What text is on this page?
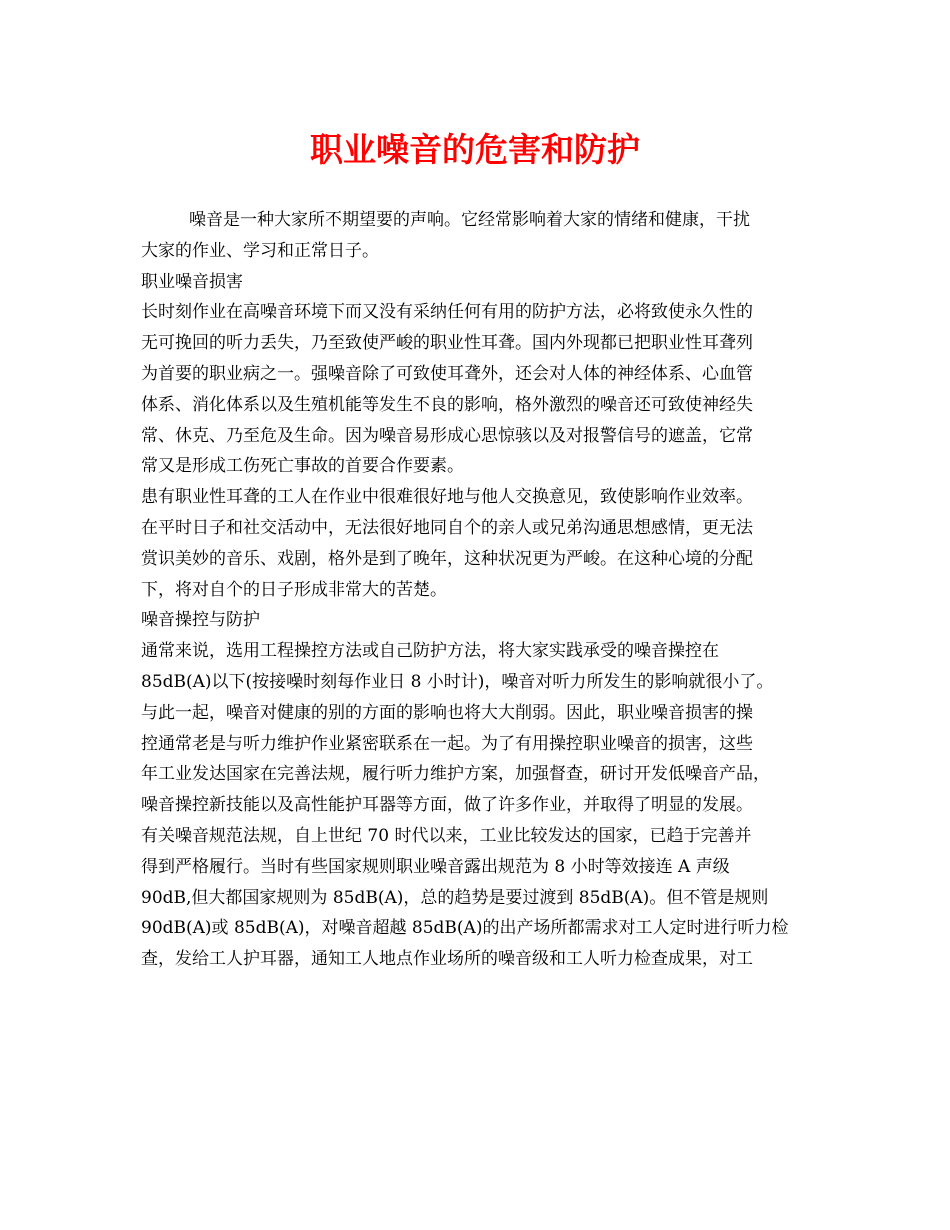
职业噪音的危害和防护
噪音是一种大家所不期望要的声响。它经常影响着大家的情绪和健康，干扰
大家的作业、学习和正常日子。
职业噪音损害
长时刻作业在高噪音环境下而又没有采纳任何有用的防护方法，必将致使永久性的
无可挽回的听力丢失，乃至致使严峻的职业性耳聋。国内外现都已把职业性耳聋列
为首要的职业病之一。强噪音除了可致使耳聋外，还会对人体的神经体系、心血管
体系、消化体系以及生殖机能等发生不良的影响，格外激烈的噪音还可致使神经失
常、休克、乃至危及生命。因为噪音易形成心思惊骇以及对报警信号的遮盖，它常
常又是形成工伤死亡事故的首要合作要素。
患有职业性耳聋的工人在作业中很难很好地与他人交换意见，致使影响作业效率。
在平时日子和社交活动中，无法很好地同自个的亲人或兄弟沟通思想感情，更无法
赏识美妙的音乐、戏剧，格外是到了晚年，这种状况更为严峻。在这种心境的分配
下，将对自个的日子形成非常大的苦楚。
噪音操控与防护
通常来说，选用工程操控方法或自己防护方法，将大家实践承受的噪音操控在
85dB(A)以下(按接噪时刻每作业日 8 小时计)，噪音对听力所发生的影响就很小了。
与此一起，噪音对健康的别的方面的影响也将大大削弱。因此，职业噪音损害的操
控通常老是与听力维护作业紧密联系在一起。为了有用操控职业噪音的损害，这些
年工业发达国家在完善法规，履行听力维护方案，加强督查，研讨开发低噪音产品，
噪音操控新技能以及高性能护耳器等方面，做了许多作业，并取得了明显的发展。
有关噪音规范法规，自上世纪 70 时代以来，工业比较发达的国家，已趋于完善并
得到严格履行。当时有些国家规则职业噪音露出规范为 8 小时等效接连 A 声级
90dB,但大都国家规则为 85dB(A)，总的趋势是要过渡到 85dB(A)。但不管是规则
90dB(A)或 85dB(A)，对噪音超越 85dB(A)的出产场所都需求对工人定时进行听力检
查，发给工人护耳器，通知工人地点作业场所的噪音级和工人听力检查成果，对工
